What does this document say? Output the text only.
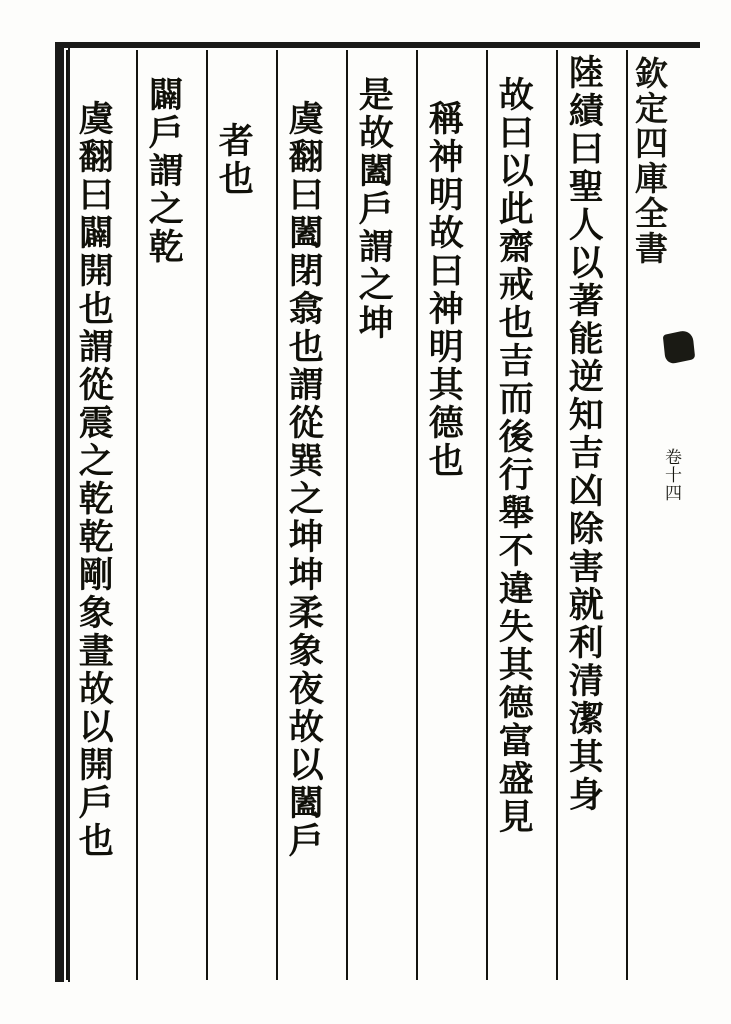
欽定四庫全書
卷十四
陸績曰聖人以著能逆知吉凶除害就利清潔其身
故曰以此齋戒也吉而後行舉不違失其德富盛見
稱神明故曰神明其德也
是故闔戶謂之坤
虞翻曰闔閉翕也謂從巽之坤坤柔象夜故以闔戶
者也
闢戶謂之乾
虞翻曰闢開也謂從震之乾乾剛象晝故以開戶也
